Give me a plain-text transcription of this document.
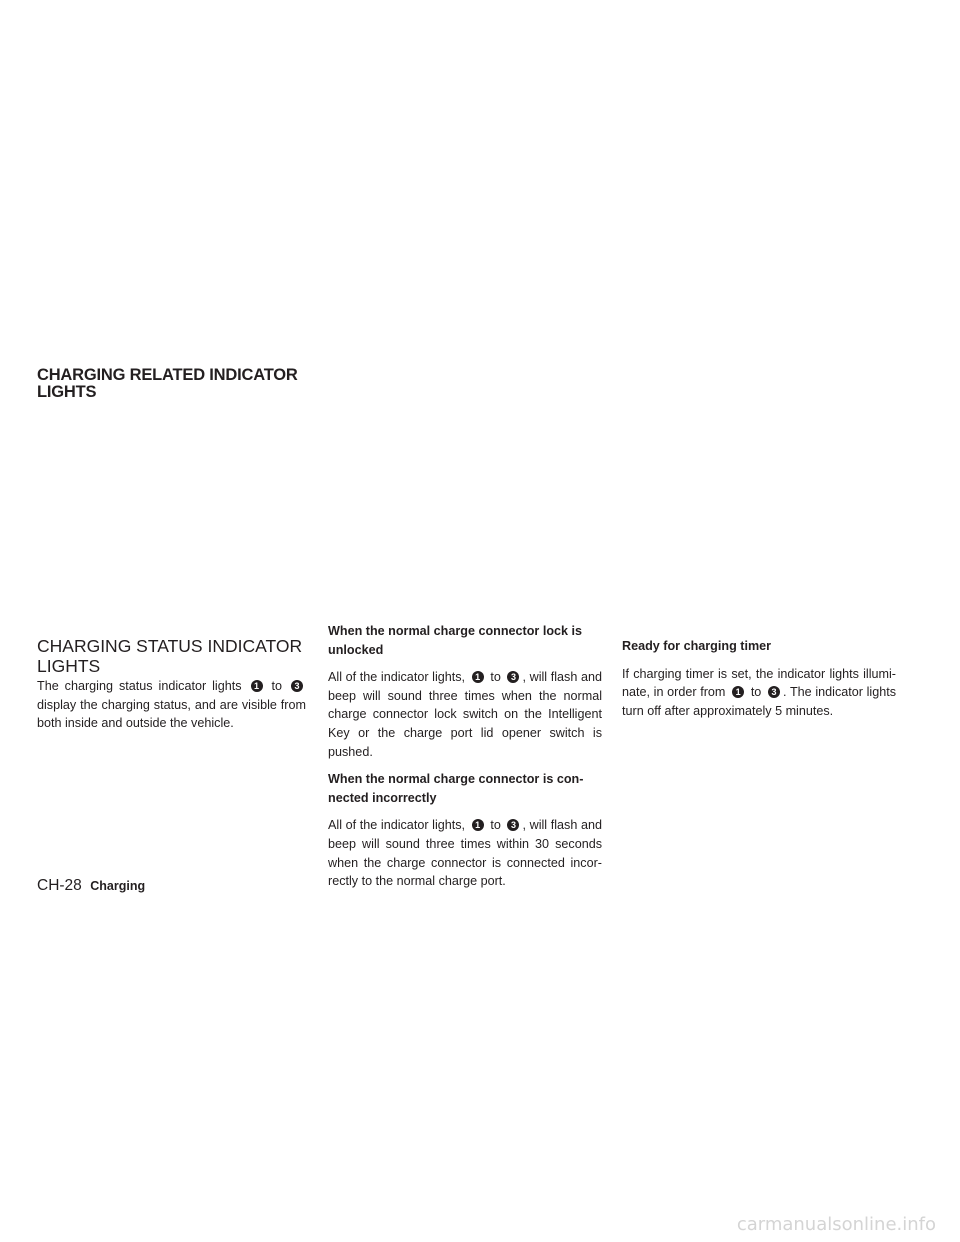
CHARGING RELATED INDICATOR
LIGHTS
CHARGING STATUS INDICATOR
LIGHTS

The charging status indicator lights 1 to 3 display the charging status, and are visible from both inside and outside the vehicle.

When the normal charge connector lock is unlocked

All of the indicator lights, 1 to 3 , will flash and beep will sound three times when the normal charge connector lock switch on the Intelligent Key or the charge port lid opener switch is pushed.

When the normal charge connector is con- nected incorrectly

All of the indicator lights, 1 to 3 , will flash and beep will sound three times within 30 seconds when the charge connector is connected incor- rectly to the normal charge port.

Ready for charging timer

If charging timer is set, the indicator lights illumi- nate, in order from 1 to 3 . The indicator lights turn off after approximately 5 minutes.

CH-28 Charging
carmanualsonline.info
